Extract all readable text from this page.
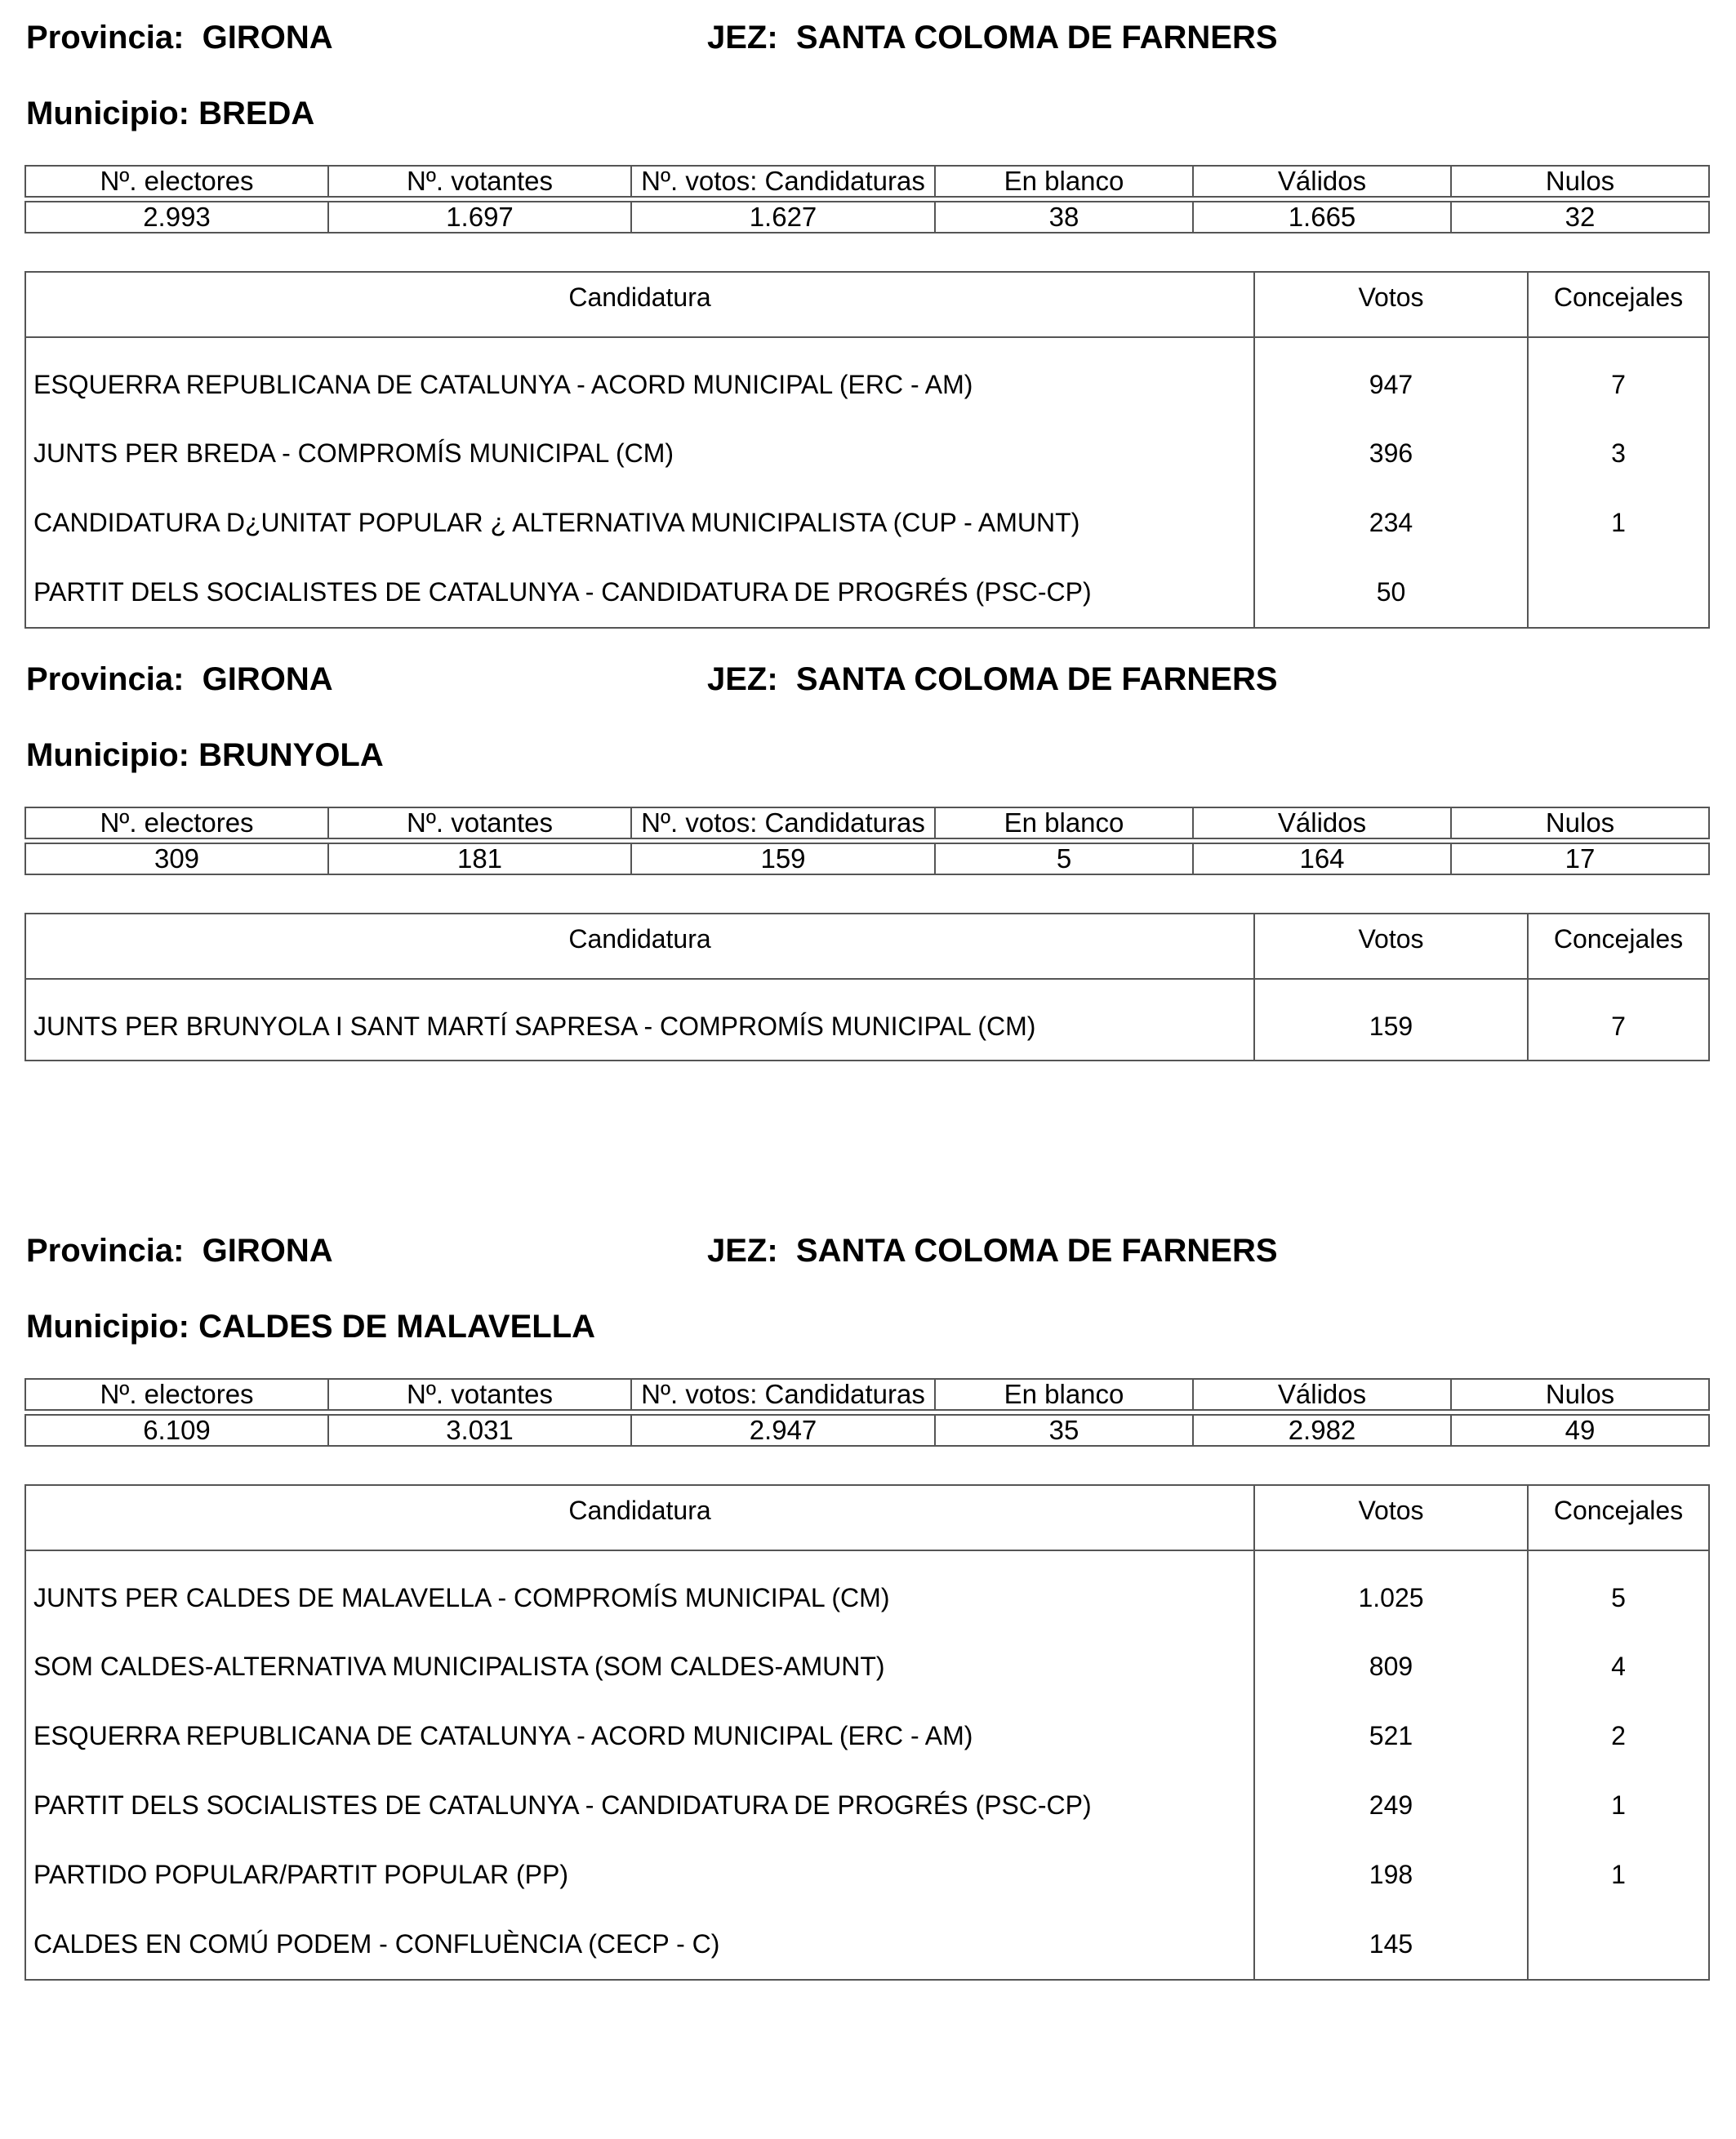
Provincia: GIRONA	JEZ: SANTA COLOMA DE FARNERS
Municipio: BREDA
Nº. electores	Nº. votantes	Nº. votos: Candidaturas	En blanco	Válidos	Nulos

2.993	1.697	1.627	38	1.665	32
Candidatura	Votos	Concejales
ESQUERRA REPUBLICANA DE CATALUNYA - ACORD MUNICIPAL (ERC - AM)	947	7
JUNTS PER BREDA - COMPROMÍS MUNICIPAL (CM)	396	3
CANDIDATURA D¿UNITAT POPULAR ¿ ALTERNATIVA MUNICIPALISTA (CUP - AMUNT)	234	1
PARTIT DELS SOCIALISTES DE CATALUNYA - CANDIDATURA DE PROGRÉS (PSC-CP)	50	
Provincia: GIRONA	JEZ: SANTA COLOMA DE FARNERS
Municipio: BRUNYOLA
Nº. electores	Nº. votantes	Nº. votos: Candidaturas	En blanco	Válidos	Nulos

309	181	159	5	164	17
Candidatura	Votos	Concejales
JUNTS PER BRUNYOLA I SANT MARTÍ SAPRESA - COMPROMÍS MUNICIPAL (CM)	159	7
Provincia: GIRONA	JEZ: SANTA COLOMA DE FARNERS
Municipio: CALDES DE MALAVELLA
Nº. electores	Nº. votantes	Nº. votos: Candidaturas	En blanco	Válidos	Nulos

6.109	3.031	2.947	35	2.982	49
Candidatura	Votos	Concejales
JUNTS PER CALDES DE MALAVELLA - COMPROMÍS MUNICIPAL (CM)	1.025	5
SOM CALDES-ALTERNATIVA MUNICIPALISTA (SOM CALDES-AMUNT)	809	4
ESQUERRA REPUBLICANA DE CATALUNYA - ACORD MUNICIPAL (ERC - AM)	521	2
PARTIT DELS SOCIALISTES DE CATALUNYA - CANDIDATURA DE PROGRÉS (PSC-CP)	249	1
PARTIDO POPULAR/PARTIT POPULAR (PP)	198	1
CALDES EN COMÚ PODEM - CONFLUÈNCIA (CECP - C)	145	
